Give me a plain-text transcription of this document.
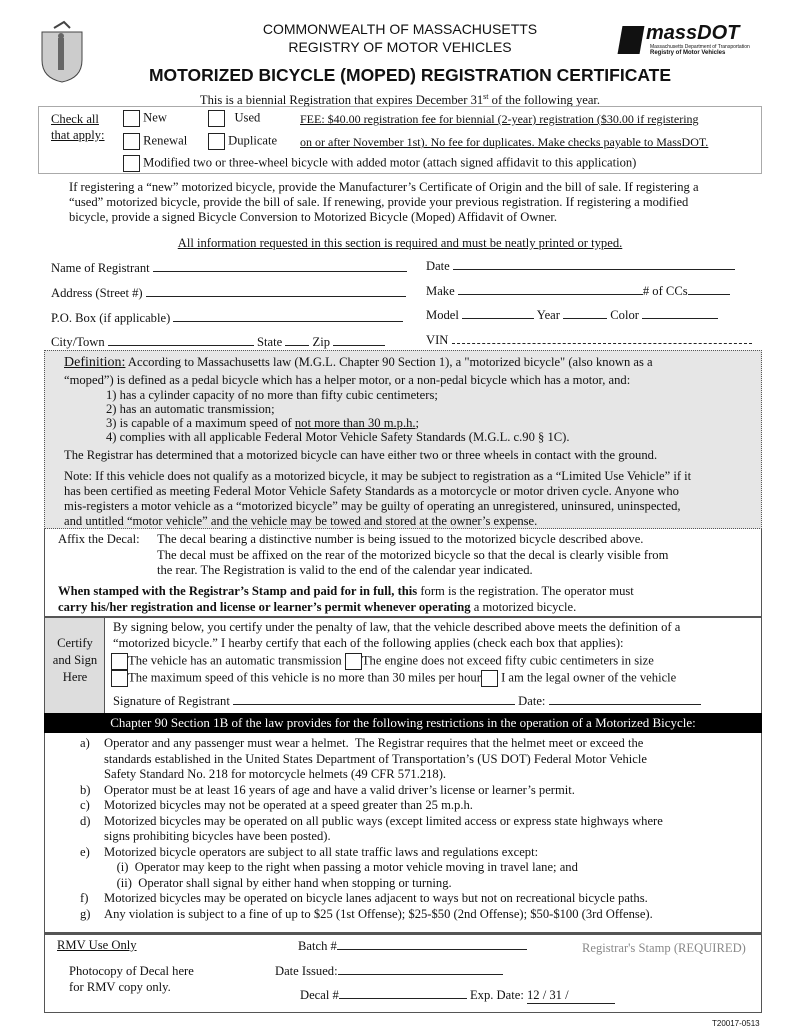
COMMONWEALTH OF MASSACHUSETTS
REGISTRY OF MOTOR VEHICLES
massDOT
Massachusetts Department of Transportation
Registry of Motor Vehicles
MOTORIZED BICYCLE (MOPED) REGISTRATION CERTIFICATE
This is a biennial Registration that expires December 31st of the following year.
Check all
that apply:
New	Used
Renewal	Duplicate
Modified two or three-wheel bicycle with added motor (attach signed affidavit to this application)
FEE: $40.00 registration fee for biennial (2-year) registration ($30.00 if registering
on or after November 1st). No fee for duplicates. Make checks payable to MassDOT.
If registering a “new” motorized bicycle, provide the Manufacturer’s Certificate of Origin and the bill of sale. If registering a
“used” motorized bicycle, provide the bill of sale. If renewing, provide your previous registration. If registering a modified
bicycle, provide a signed Bicycle Conversion to Motorized Bicycle (Moped) Affidavit of Owner.
All information requested in this section is required and must be neatly printed or typed.
Name of Registrant	Date
Address (Street #)	Make	# of CCs
P.O. Box (if applicable)	Model	Year	Color
City/Town	State Zip	VIN
Definition: According to Massachusetts law (M.G.L. Chapter 90 Section 1), a "motorized bicycle" (also known as a
“moped”) is defined as a pedal bicycle which has a helper motor, or a non-pedal bicycle which has a motor, and:
1) has a cylinder capacity of no more than fifty cubic centimeters;
2) has an automatic transmission;
3) is capable of a maximum speed of not more than 30 m.p.h.;
4) complies with all applicable Federal Motor Vehicle Safety Standards (M.G.L. c.90 § 1C).
The Registrar has determined that a motorized bicycle can have either two or three wheels in contact with the ground.
Note: If this vehicle does not qualify as a motorized bicycle, it may be subject to registration as a “Limited Use Vehicle” if it
has been certified as meeting Federal Motor Vehicle Safety Standards as a motorcycle or motor driven cycle. Anyone who
mis-registers a motor vehicle as a “motorized bicycle” may be guilty of operating an unregistered, uninsured, uninspected,
and untitled “motor vehicle” and the vehicle may be towed and stored at the owner’s expense.
Affix the Decal: The decal bearing a distinctive number is being issued to the motorized bicycle described above.
The decal must be affixed on the rear of the motorized bicycle so that the decal is clearly visible from
the rear. The Registration is valid to the end of the calendar year indicated.
When stamped with the Registrar’s Stamp and paid for in full, this form is the registration. The operator must
carry his/her registration and license or learner’s permit whenever operating a motorized bicycle.
Certify
and Sign
Here
By signing below, you certify under the penalty of law, that the vehicle described above meets the definition of a
“motorized bicycle.” I hearby certify that each of the following applies (check each box that applies):
The vehicle has an automatic transmission The engine does not exceed fifty cubic centimeters in size
The maximum speed of this vehicle is no more than 30 miles per hour I am the legal owner of the vehicle
Signature of Registrant	Date:
Chapter 90 Section 1B of the law provides for the following restrictions in the operation of a Motorized Bicycle:
a) Operator and any passenger must wear a helmet.  The Registrar requires that the helmet meet or exceed the
standards established in the United States Department of Transportation’s (US DOT) Federal Motor Vehicle
Safety Standard No. 218 for motorcycle helmets (49 CFR 571.218).
b) Operator must be at least 16 years of age and have a valid driver’s license or learner’s permit.
c) Motorized bicycles may not be operated at a speed greater than 25 m.p.h.
d) Motorized bicycles may be operated on all public ways (except limited access or express state highways where
signs prohibiting bicycles have been posted).
e) Motorized bicycle operators are subject to all state traffic laws and regulations except:
(i)  Operator may keep to the right when passing a motor vehicle moving in travel lane; and
(ii)  Operator shall signal by either hand when stopping or turning.
f) Motorized bicycles may be operated on bicycle lanes adjacent to ways but not on recreational bicycle paths.
g) Any violation is subject to a fine of up to $25 (1st Offense); $25-$50 (2nd Offense); $50-$100 (3rd Offense).
RMV Use Only	Batch #	Registrar's Stamp (REQUIRED)
Photocopy of Decal here
for RMV copy only.
Date Issued:
Decal #	Exp. Date: 12 / 31 /
T20017-0513
